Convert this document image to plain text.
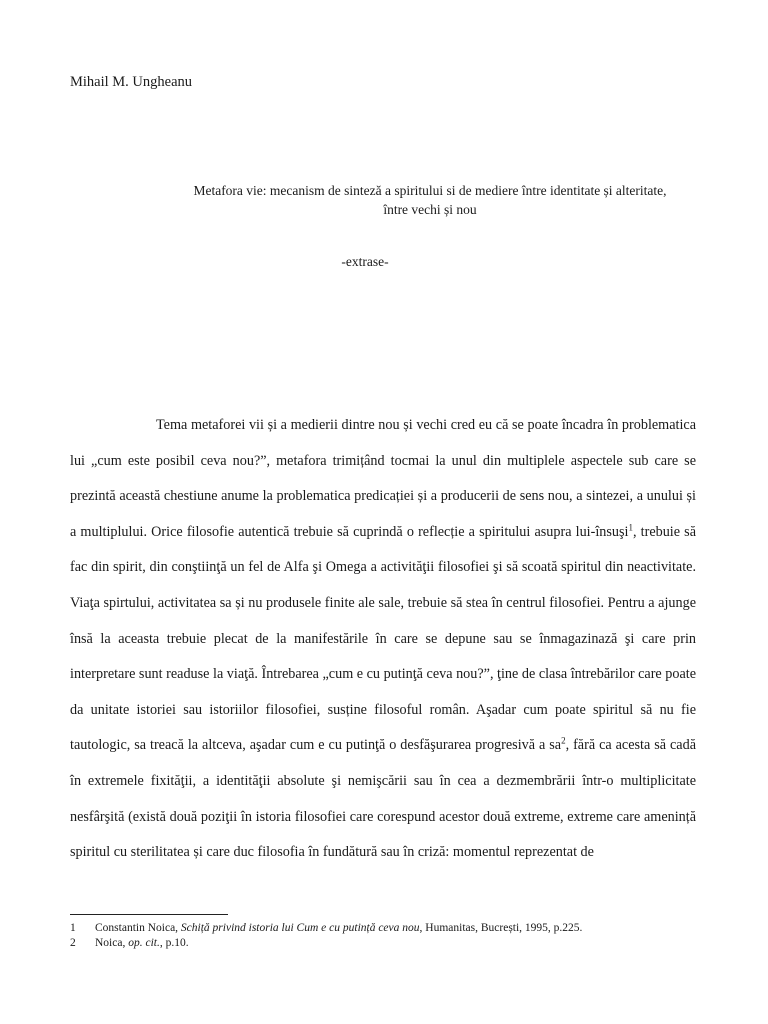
Mihail M. Ungheanu
Metafora vie: mecanism de sinteză a spiritului si de mediere între identitate și alteritate,
între vechi și nou
-extrase-

Tema metaforei vii și a medierii dintre nou și vechi cred eu că se poate încadra în problematica lui „cum este posibil ceva nou?”, metafora trimițând tocmai la unul din multiplele aspectele sub care se prezintă această chestiune anume la problematica predicației și a producerii de sens nou, a sintezei, a unului și a multiplului. Orice filosofie autentică trebuie să cuprindă o reflecție a spiritului asupra lui-însuşi$^1$, trebuie să fac din spirit, din conştiinţă un fel de Alfa şi Omega a activităţii filosofiei şi să scoată spiritul din neactivitate. Viaţa spirtului, activitatea sa și nu produsele finite ale sale, trebuie să stea în centrul filosofiei. Pentru a ajunge însă la aceasta trebuie plecat de la manifestările în care se depune sau se înmagazinază şi care prin interpretare sunt readuse la viaţă. Întrebarea „cum e cu putinţă ceva nou?”, ţine de clasa întrebărilor care poate da unitate istoriei sau istoriilor filosofiei, susține filosoful român. Aşadar cum poate spiritul să nu fie tautologic, sa treacă la altceva, aşadar cum e cu putinţă o desfăşurarea progresivă a $sa^2$, fără ca acesta să cadă în extremele fixităţii, a identităţii absolute şi nemişcării sau în cea a dezmembrării într-o multiplicitate nesfârşită (există două poziţii în istoria filosofiei care corespund acestor două extreme, extreme care amenință spiritul cu sterilitatea și care duc filosofia în fundătură sau în criză: momentul reprezentat de

1	Constantin Noica, Schiță privind istoria lui Cum e cu putință ceva nou, Humanitas, Bucrești, 1995, p.225.
2	Noica, op. cit., p.10.
